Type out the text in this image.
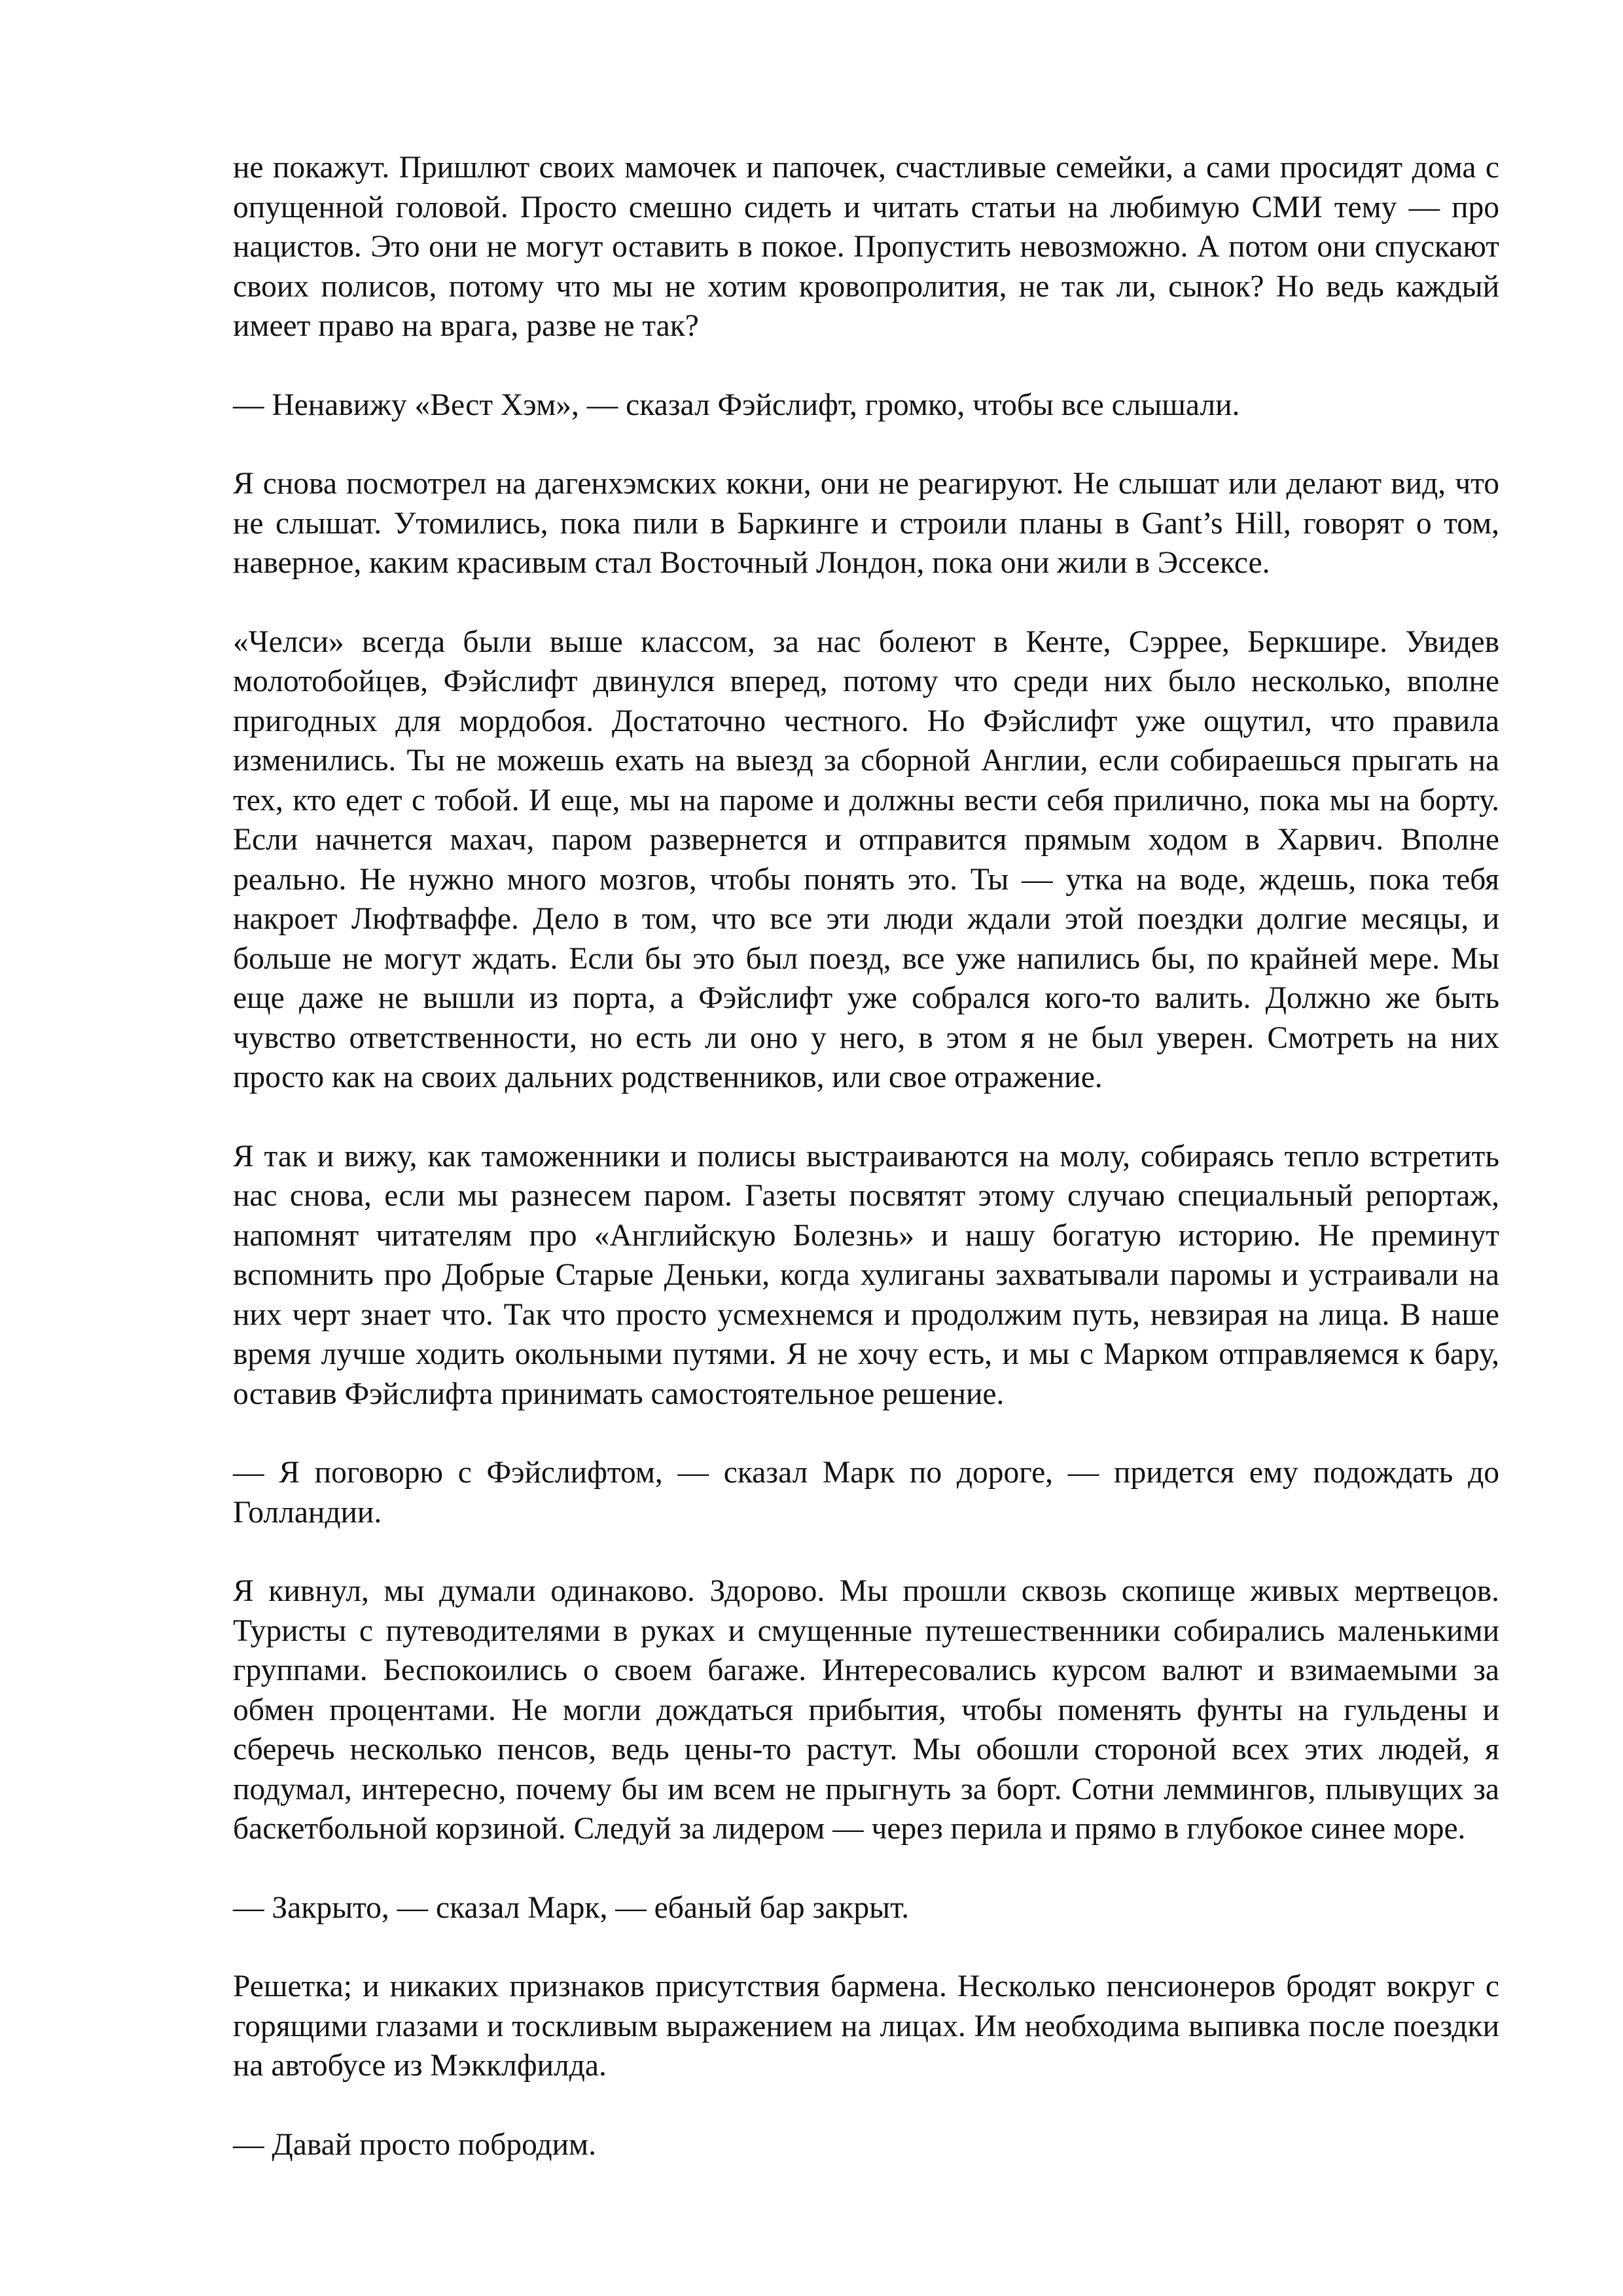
не покажут. Пришлют своих мамочек и папочек, счастливые семейки, а сами просидят дома с опущенной головой. Просто смешно сидеть и читать статьи на любимую СМИ тему — про нацистов. Это они не могут оставить в покое. Пропустить невозможно. А потом они спускают своих полисов, потому что мы не хотим кровопролития, не так ли, сынок? Но ведь каждый имеет право на врага, разве не так?

— Ненавижу «Вест Хэм», — сказал Фэйслифт, громко, чтобы все слышали.

Я снова посмотрел на дагенхэмских кокни, они не реагируют. Не слышат или делают вид, что не слышат. Утомились, пока пили в Баркинге и строили планы в Gant’s Hill, говорят о том, наверное, каким красивым стал Восточный Лондон, пока они жили в Эссексе.

«Челси» всегда были выше классом, за нас болеют в Кенте, Сэррее, Беркшире. Увидев молотобойцев, Фэйслифт двинулся вперед, потому что среди них было несколько, вполне пригодных для мордобоя. Достаточно честного. Но Фэйслифт уже ощутил, что правила изменились. Ты не можешь ехать на выезд за сборной Англии, если собираешься прыгать на тех, кто едет с тобой. И еще, мы на пароме и должны вести себя прилично, пока мы на борту. Если начнется махач, паром развернется и отправится прямым ходом в Харвич. Вполне реально. Не нужно много мозгов, чтобы понять это. Ты — утка на воде, ждешь, пока тебя накроет Люфтваффе. Дело в том, что все эти люди ждали этой поездки долгие месяцы, и больше не могут ждать. Если бы это был поезд, все уже напились бы, по крайней мере. Мы еще даже не вышли из порта, а Фэйслифт уже собрался кого-то валить. Должно же быть чувство ответственности, но есть ли оно у него, в этом я не был уверен. Смотреть на них просто как на своих дальних родственников, или свое отражение.

Я так и вижу, как таможенники и полисы выстраиваются на молу, собираясь тепло встретить нас снова, если мы разнесем паром. Газеты посвятят этому случаю специальный репортаж, напомнят читателям про «Английскую Болезнь» и нашу богатую историю. Не преминут вспомнить про Добрые Старые Деньки, когда хулиганы захватывали паромы и устраивали на них черт знает что. Так что просто усмехнемся и продолжим путь, невзирая на лица. В наше время лучше ходить окольными путями. Я не хочу есть, и мы с Марком отправляемся к бару, оставив Фэйслифта принимать самостоятельное решение.

— Я поговорю с Фэйслифтом, — сказал Марк по дороге, — придется ему подождать до Голландии.

Я кивнул, мы думали одинаково. Здорово. Мы прошли сквозь скопище живых мертвецов. Туристы с путеводителями в руках и смущенные путешественники собирались маленькими группами. Беспокоились о своем багаже. Интересовались курсом валют и взимаемыми за обмен процентами. Не могли дождаться прибытия, чтобы поменять фунты на гульдены и сберечь несколько пенсов, ведь цены-то растут. Мы обошли стороной всех этих людей, я подумал, интересно, почему бы им всем не прыгнуть за борт. Сотни леммингов, плывущих за баскетбольной корзиной. Следуй за лидером — через перила и прямо в глубокое синее море.

— Закрыто, — сказал Марк, — ебаный бар закрыт.

Решетка; и никаких признаков присутствия бармена. Несколько пенсионеров бродят вокруг с горящими глазами и тоскливым выражением на лицах. Им необходима выпивка после поездки на автобусе из Мэкклфилда.

— Давай просто побродим.
